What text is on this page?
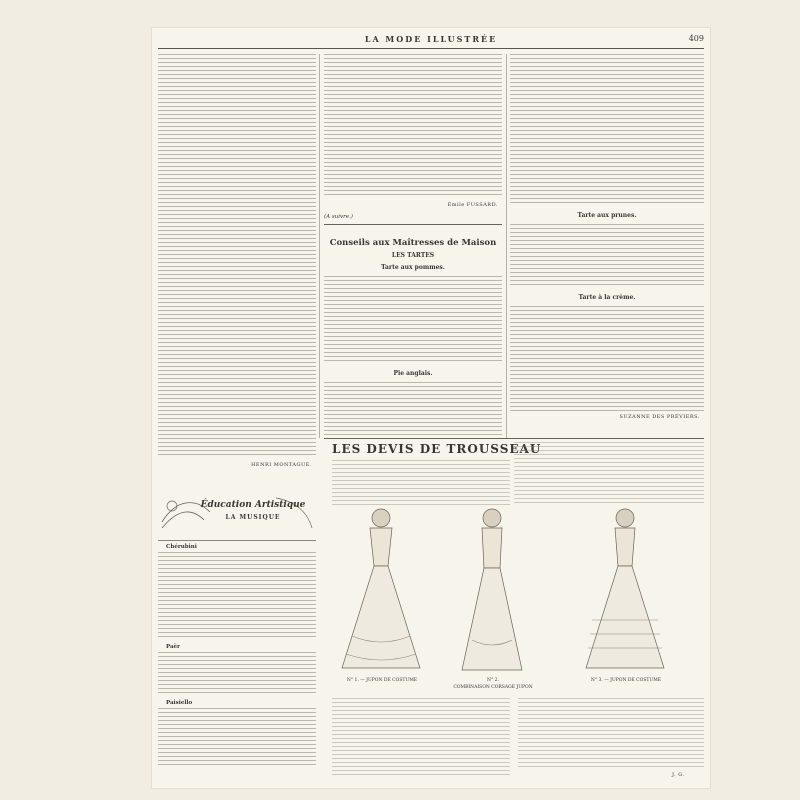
LA MODE ILLUSTRÉE	409
HENRI MONTAGUE.
Éducation Artistique
LA MUSIQUE
Chérubini
Paër
Paisiello
Émile FUSSARD.
(A suivre.)
Conseils aux Maîtresses de Maison
LES TARTES
Tarte aux pommes.
Pie anglais.
Tarte aux prunes.
Tarte à la crème.
SUZANNE DES PRÉVIERS.
LES DEVIS DE TROUSSEAU
N° 1. — JUPON DE COSTUME	N° 2.
COMBINAISON CORSAGE JUPON
N° 3. — JUPON DE COSTUME
J. G.
